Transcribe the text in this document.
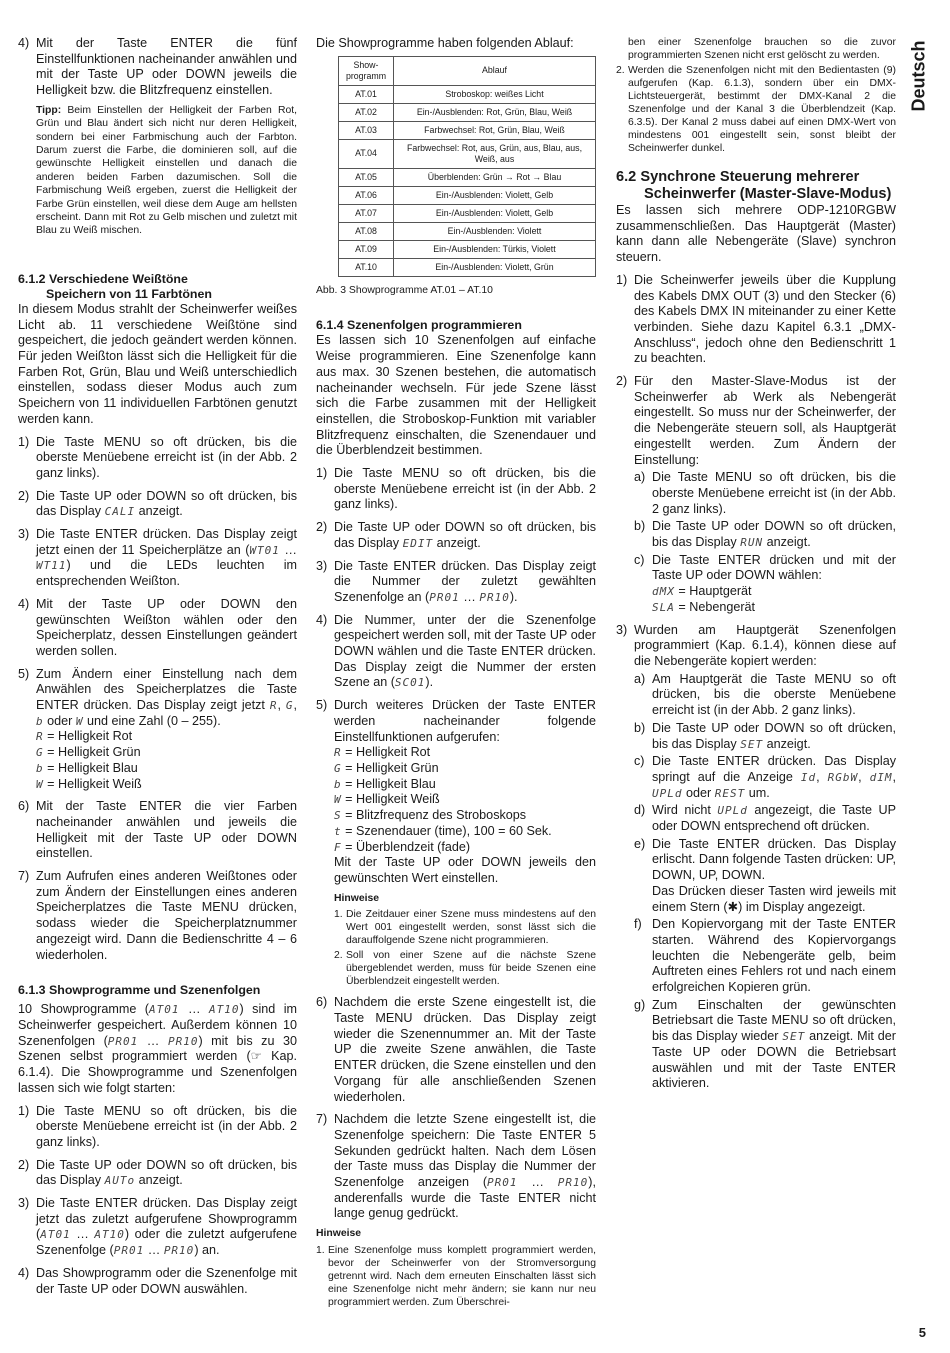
Deutsch
4) Mit der Taste ENTER die fünf Einstellfunktionen nacheinander anwählen und mit der Taste UP oder DOWN jeweils die Helligkeit bzw. die Blitzfrequenz einstellen.

Tipp: Beim Einstellen der Helligkeit der Farben Rot, Grün und Blau ändert sich nicht nur deren Helligkeit, sondern bei einer Farbmischung auch der Farbton. Darum zuerst die Farbe, die dominieren soll, auf die gewünschte Helligkeit einstellen und danach die anderen beiden Farben dazumischen. Soll die Farbmischung Weiß ergeben, zuerst die Helligkeit der Farbe Grün einstellen, weil diese dem Auge am hellsten erscheint. Dann mit Rot zu Gelb mischen und zuletzt mit Blau zu Weiß mischen.

6.1.2 Verschiedene Weißtöne
Speichern von 11 Farbtönen

In diesem Modus strahlt der Scheinwerfer weißes Licht ab. 11 verschiedene Weißtöne sind gespeichert, die jedoch geändert werden können. Für jeden Weißton lässt sich die Helligkeit für die Farben Rot, Grün, Blau und Weiß unterschiedlich einstellen, sodass dieser Modus auch zum Speichern von 11 individuellen Farbtönen genutzt werden kann.

1) Die Taste MENU so oft drücken, bis die oberste Menüebene erreicht ist (in der Abb. 2 ganz links).
2) Die Taste UP oder DOWN so oft drücken, bis das Display CALI anzeigt.
3) Die Taste ENTER drücken. Das Display zeigt jetzt einen der 11 Speicherplätze an (WT01 … WT11) und die LEDs leuchten im entsprechenden Weißton.
4) Mit der Taste UP oder DOWN den gewünschten Weißton wählen oder den Speicherplatz, dessen Einstellungen geändert werden sollen.
5) Zum Ändern einer Einstellung nach dem Anwählen des Speicherplatzes die Taste ENTER drücken. Das Display zeigt jetzt R, G, b oder W und eine Zahl (0 – 255).
R = Helligkeit Rot
G = Helligkeit Grün
b = Helligkeit Blau
W = Helligkeit Weiß
6) Mit der Taste ENTER die vier Farben nacheinander anwählen und jeweils die Helligkeit mit der Taste UP oder DOWN einstellen.
7) Zum Aufrufen eines anderen Weißtones oder zum Ändern der Einstellungen eines anderen Speicherplatzes die Taste MENU drücken, sodass wieder die Speicherplatznummer angezeigt wird. Dann die Bedienschritte 4 – 6 wiederholen.
6.1.3 Showprogramme und Szenenfolgen

10 Showprogramme (AT01 … AT10) sind im Scheinwerfer gespeichert. Außerdem können 10 Szenenfolgen (PR01 … PR10) mit bis zu 30 Szenen selbst programmiert werden (☞ Kap. 6.1.4). Die Showprogramme und Szenenfolgen lassen sich wie folgt starten:

1) Die Taste MENU so oft drücken, bis die oberste Menüebene erreicht ist (in der Abb. 2 ganz links).
2) Die Taste UP oder DOWN so oft drücken, bis das Display AUTo anzeigt.
3) Die Taste ENTER drücken. Das Display zeigt jetzt das zuletzt aufgerufene Showprogramm (AT01 … AT10) oder die zuletzt aufgerufene Szenenfolge (PR01 … PR10) an.
4) Das Showprogramm oder die Szenenfolge mit der Taste UP oder DOWN auswählen.

Die Showprogramme haben folgenden Ablauf:

Show-programm	Ablauf
AT.01	Stroboskop: weißes Licht
AT.02	Ein-/Ausblenden: Rot, Grün, Blau, Weiß
AT.03	Farbwechsel: Rot, Grün, Blau, Weiß
AT.04	Farbwechsel: Rot, aus, Grün, aus, Blau, aus, Weiß, aus
AT.05	Überblenden: Grün → Rot → Blau
AT.06	Ein-/Ausblenden: Violett, Gelb
AT.07	Ein-/Ausblenden: Violett, Gelb
AT.08	Ein-/Ausblenden: Violett
AT.09	Ein-/Ausblenden: Türkis, Violett
AT.10	Ein-/Ausblenden: Violett, Grün

Abb. 3 Showprogramme AT.01 – AT.10

6.1.4 Szenenfolgen programmieren

Es lassen sich 10 Szenenfolgen auf einfache Weise programmieren. Eine Szenenfolge kann aus max. 30 Szenen bestehen, die automatisch nacheinander wechseln. Für jede Szene lässt sich die Farbe zusammen mit der Helligkeit einstellen, die Stroboskop-Funktion mit variabler Blitzfrequenz einschalten, die Szenendauer und die Überblendzeit bestimmen.

1) Die Taste MENU so oft drücken, bis die oberste Menüebene erreicht ist (in der Abb. 2 ganz links).
2) Die Taste UP oder DOWN so oft drücken, bis das Display EDIT anzeigt.
3) Die Taste ENTER drücken. Das Display zeigt die Nummer der zuletzt gewählten Szenenfolge an (PR01 … PR10).
4) Die Nummer, unter der die Szenenfolge gespeichert werden soll, mit der Taste UP oder DOWN wählen und die Taste ENTER drücken. Das Display zeigt die Nummer der ersten Szene an (SC01).
5) Durch weiteres Drücken der Taste ENTER werden nacheinander folgende Einstellfunktionen aufgerufen:
R = Helligkeit Rot
G = Helligkeit Grün
b = Helligkeit Blau
W = Helligkeit Weiß
S = Blitzfrequenz des Stroboskops
t = Szenendauer (time), 100 = 60 Sek.
F = Überblendzeit (fade)
Mit der Taste UP oder DOWN jeweils den gewünschten Wert einstellen.

Hinweise

1. Die Zeitdauer einer Szene muss mindestens auf den Wert 001 eingestellt werden, sonst lässt sich die darauffolgende Szene nicht programmieren.
2. Soll von einer Szene auf die nächste Szene übergeblendet werden, muss für beide Szenen eine Überblendzeit eingestellt werden.
6) Nachdem die erste Szene eingestellt ist, die Taste MENU drücken. Das Display zeigt wieder die Szenennummer an. Mit der Taste UP die zweite Szene anwählen, die Taste ENTER drücken, die Szene einstellen und den Vorgang für alle anschließenden Szenen wiederholen.
7) Nachdem die letzte Szene eingestellt ist, die Szenenfolge speichern: Die Taste ENTER 5 Sekunden gedrückt halten. Nach dem Lösen der Taste muss das Display die Nummer der Szenenfolge anzeigen (PR01 … PR10), anderenfalls wurde die Taste ENTER nicht lange genug gedrückt.

Hinweise

1. Eine Szenenfolge muss komplett programmiert werden, bevor der Scheinwerfer von der Stromversorgung getrennt wird. Nach dem erneuten Einschalten lässt sich eine Szenenfolge nicht mehr ändern; sie kann nur neu programmiert werden. Zum Überschrei-
ben einer Szenenfolge brauchen so die zuvor programmierten Szenen nicht erst gelöscht zu werden.
2. Werden die Szenenfolgen nicht mit den Bedientasten (9) aufgerufen (Kap. 6.1.3), sondern über ein DMX-Lichtsteuergerät, bestimmt der DMX-Kanal 2 die Szenenfolge und der Kanal 3 die Überblendzeit (Kap. 6.3.5). Der Kanal 2 muss dabei auf einen DMX-Wert von mindestens 001 eingestellt sein, sonst bleibt der Scheinwerfer dunkel.
6.2 Synchrone Steuerung mehrerer
Scheinwerfer (Master-Slave-Modus)

Es lassen sich mehrere ODP-1210RGBW zusammenschließen. Das Hauptgerät (Master) kann dann alle Nebengeräte (Slave) synchron steuern.

1) Die Scheinwerfer jeweils über die Kupplung des Kabels DMX OUT (3) und den Stecker (6) des Kabels DMX IN miteinander zu einer Kette verbinden. Siehe dazu Kapitel 6.3.1 „DMX-Anschluss“, jedoch ohne den Bedienschritt 1 zu beachten.
2) Für den Master-Slave-Modus ist der Scheinwerfer ab Werk als Nebengerät eingestellt. So muss nur der Scheinwerfer, der die Nebengeräte steuern soll, als Hauptgerät eingestellt werden. Zum Ändern der Einstellung:
a) Die Taste MENU so oft drücken, bis die oberste Menüebene erreicht ist (in der Abb. 2 ganz links).
b) Die Taste UP oder DOWN so oft drücken, bis das Display RUN anzeigt.
c) Die Taste ENTER drücken und mit der Taste UP oder DOWN wählen:
dMX = Hauptgerät
SLA = Nebengerät
3) Wurden am Hauptgerät Szenenfolgen programmiert (Kap. 6.1.4), können diese auf die Nebengeräte kopiert werden:
a) Am Hauptgerät die Taste MENU so oft drücken, bis die oberste Menüebene erreicht ist (in der Abb. 2 ganz links).
b) Die Taste UP oder DOWN so oft drücken, bis das Display SET anzeigt.
c) Die Taste ENTER drücken. Das Display springt auf die Anzeige Id, RGbW, dIM, UPLd oder REST um.
d) Wird nicht UPLd angezeigt, die Taste UP oder DOWN entsprechend oft drücken.
e) Die Taste ENTER drücken. Das Display erlischt. Dann folgende Tasten drücken: UP, DOWN, UP, DOWN.
Das Drücken dieser Tasten wird jeweils mit einem Stern (✱) im Display angezeigt.
f) Den Kopiervorgang mit der Taste ENTER starten. Während des Kopiervorgangs leuchten die Nebengeräte gelb, beim Auftreten eines Fehlers rot und nach einem erfolgreichen Kopieren grün.
g) Zum Einschalten der gewünschten Betriebsart die Taste MENU so oft drücken, bis das Display wieder SET anzeigt. Mit der Taste UP oder DOWN die Betriebsart auswählen und mit der Taste ENTER aktivieren.
5
